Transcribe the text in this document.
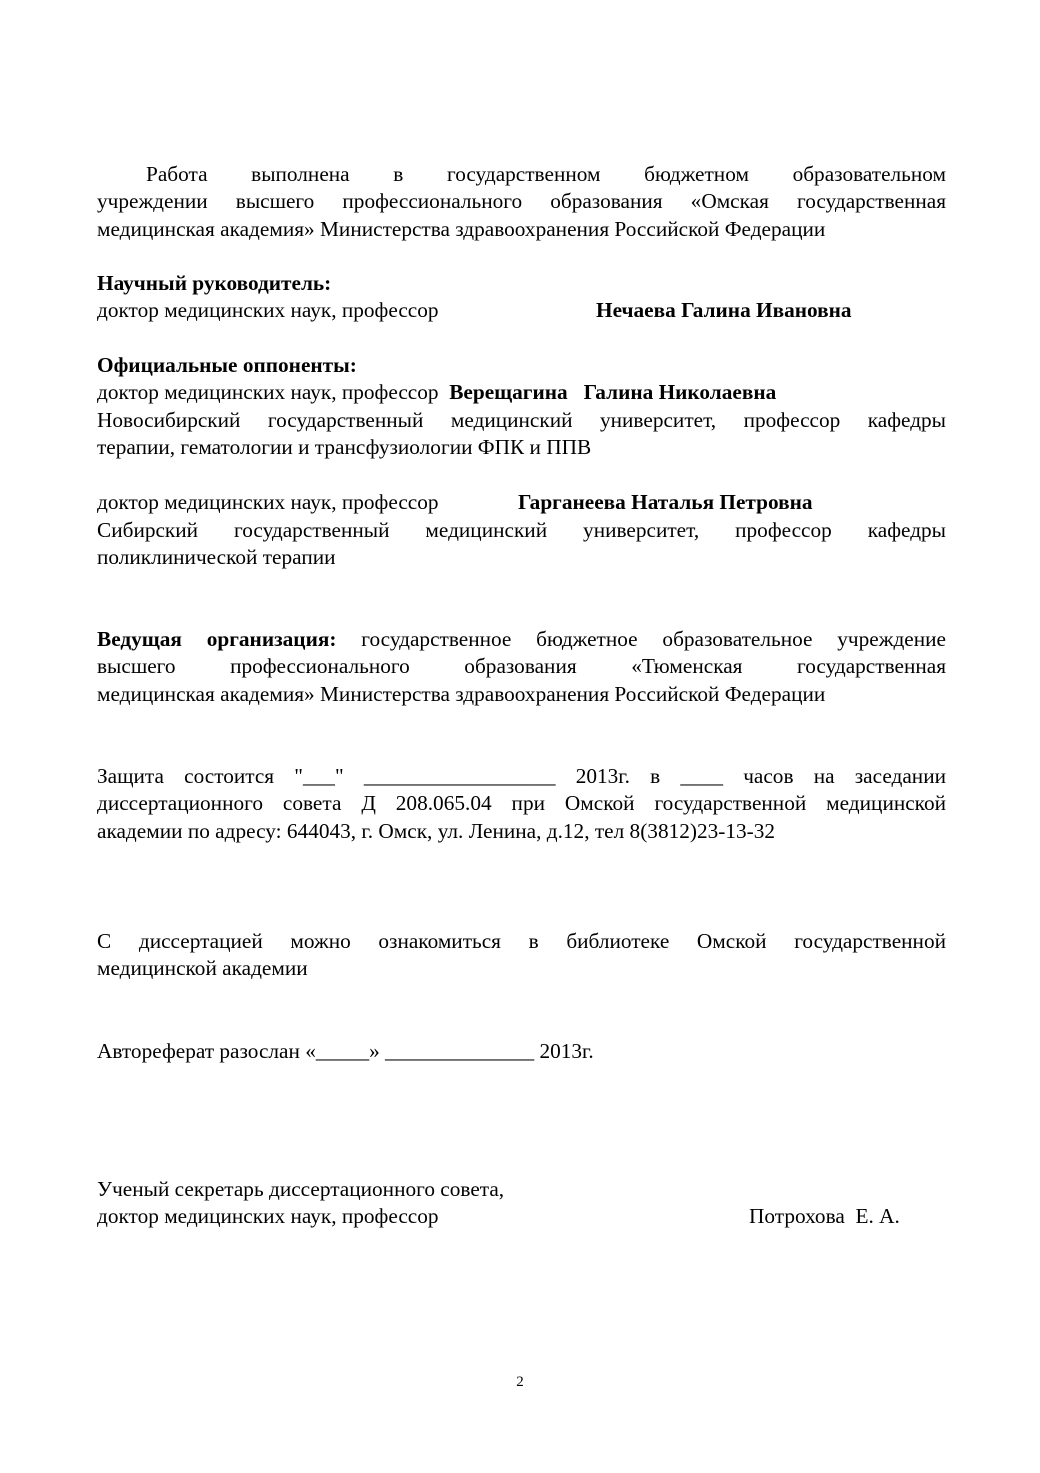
Работа выполнена в государственном бюджетном образовательном
учреждении высшего профессионального образования «Омская государственная
медицинская академия» Министерства здравоохранения Российской Федерации
Научный руководитель:
доктор медицинских наук, профессор	Нечаева Галина Ивановна
Официальные оппоненты:
доктор медицинских наук, профессор Верещагина   Галина Николаевна
Новосибирский государственный медицинский университет, профессор кафедры
терапии, гематологии и трансфузиологии ФПК и ППВ
доктор медицинских наук, профессор	Гарганеева Наталья Петровна
Сибирский государственный медицинский университет, профессор кафедры
поликлинической терапии
Ведущая организация: государственное бюджетное образовательное учреждение
высшего профессионального образования «Тюменская государственная
медицинская академия» Министерства здравоохранения Российской Федерации
Защита состоится "___" __________________ 2013г. в ____ часов на заседании
диссертационного совета Д 208.065.04 при Омской государственной медицинской
академии по адресу: 644043, г. Омск, ул. Ленина, д.12, тел 8(3812)23-13-32
С диссертацией можно ознакомиться в библиотеке Омской государственной
медицинской академии
Автореферат разослан «_____» ______________ 2013г.
Ученый секретарь диссертационного совета,
доктор медицинских наук, профессор	Потрохова  Е. А.
2
